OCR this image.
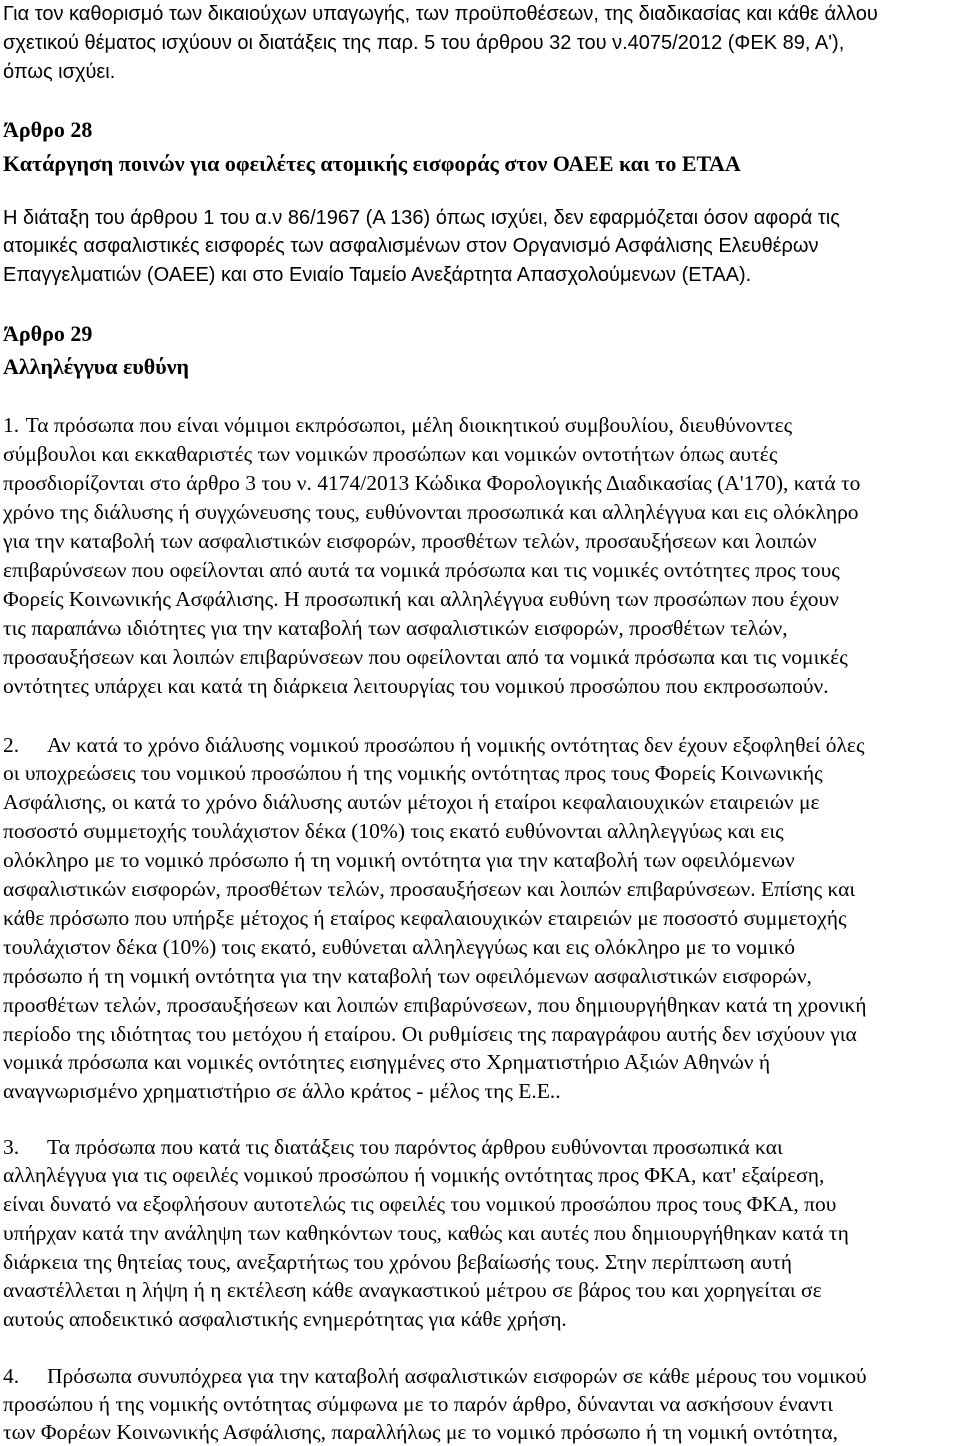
Για τον καθορισμό των δικαιούχων υπαγωγής, των προϋποθέσεων, της διαδικασίας και κάθε άλλου
σχετικού θέματος ισχύουν οι διατάξεις της παρ. 5 του άρθρου 32 του ν.4075/2012 (ΦΕΚ 89, Α'),
όπως ισχύει.
Άρθρο 28
Κατάργηση ποινών για οφειλέτες ατομικής εισφοράς στον ΟΑΕΕ και το ΕΤΑΑ
Η διάταξη του άρθρου 1 του α.ν 86/1967 (Α 136) όπως ισχύει, δεν εφαρμόζεται όσον αφορά τις
ατομικές ασφαλιστικές εισφορές των ασφαλισμένων στον Οργανισμό Ασφάλισης Ελευθέρων
Επαγγελματιών (ΟΑΕΕ) και στο Ενιαίο Ταμείο Ανεξάρτητα Απασχολούμενων (ΕΤΑΑ).
Άρθρο 29
Αλληλέγγυα ευθύνη
1. Τα πρόσωπα που είναι νόμιμοι εκπρόσωποι, μέλη διοικητικού συμβουλίου, διευθύνοντες
σύμβουλοι και εκκαθαριστές των νομικών προσώπων και νομικών οντοτήτων όπως αυτές
προσδιορίζονται στο άρθρο 3 του ν. 4174/2013 Κώδικα Φορολογικής Διαδικασίας (Α'170), κατά το
χρόνο της διάλυσης ή συγχώνευσης τους, ευθύνονται προσωπικά και αλληλέγγυα και εις ολόκληρο
για την καταβολή των ασφαλιστικών εισφορών, προσθέτων τελών, προσαυξήσεων και λοιπών
επιβαρύνσεων που οφείλονται από αυτά τα νομικά πρόσωπα και τις νομικές οντότητες προς τους
Φορείς Κοινωνικής Ασφάλισης. Η προσωπική και αλληλέγγυα ευθύνη των προσώπων που έχουν
τις παραπάνω ιδιότητες για την καταβολή των ασφαλιστικών εισφορών, προσθέτων τελών,
προσαυξήσεων και λοιπών επιβαρύνσεων που οφείλονται από τα νομικά πρόσωπα και τις νομικές
οντότητες υπάρχει και κατά τη διάρκεια λειτουργίας του νομικού προσώπου που εκπροσωπούν.
2. Αν κατά το χρόνο διάλυσης νομικού προσώπου ή νομικής οντότητας δεν έχουν εξοφληθεί όλες
οι υποχρεώσεις του νομικού προσώπου ή της νομικής οντότητας προς τους Φορείς Κοινωνικής
Ασφάλισης, οι κατά το χρόνο διάλυσης αυτών μέτοχοι ή εταίροι κεφαλαιουχικών εταιρειών με
ποσοστό συμμετοχής τουλάχιστον δέκα (10%) τοις εκατό ευθύνονται αλληλεγγύως και εις
ολόκληρο με το νομικό πρόσωπο ή τη νομική οντότητα για την καταβολή των οφειλόμενων
ασφαλιστικών εισφορών, προσθέτων τελών, προσαυξήσεων και λοιπών επιβαρύνσεων. Επίσης και
κάθε πρόσωπο που υπήρξε μέτοχος ή εταίρος κεφαλαιουχικών εταιρειών με ποσοστό συμμετοχής
τουλάχιστον δέκα (10%) τοις εκατό, ευθύνεται αλληλεγγύως και εις ολόκληρο με το νομικό
πρόσωπο ή τη νομική οντότητα για την καταβολή των οφειλόμενων ασφαλιστικών εισφορών,
προσθέτων τελών, προσαυξήσεων και λοιπών επιβαρύνσεων, που δημιουργήθηκαν κατά τη χρονική
περίοδο της ιδιότητας του μετόχου ή εταίρου. Οι ρυθμίσεις της παραγράφου αυτής δεν ισχύουν για
νομικά πρόσωπα και νομικές οντότητες εισηγμένες στο Χρηματιστήριο Αξιών Αθηνών ή
αναγνωρισμένο χρηματιστήριο σε άλλο κράτος - μέλος της Ε.Ε..
3. Τα πρόσωπα που κατά τις διατάξεις του παρόντος άρθρου ευθύνονται προσωπικά και
αλληλέγγυα για τις οφειλές νομικού προσώπου ή νομικής οντότητας προς ΦΚΑ, κατ' εξαίρεση,
είναι δυνατό να εξοφλήσουν αυτοτελώς τις οφειλές του νομικού προσώπου προς τους ΦΚΑ, που
υπήρχαν κατά την ανάληψη των καθηκόντων τους, καθώς και αυτές που δημιουργήθηκαν κατά τη
διάρκεια της θητείας τους, ανεξαρτήτως του χρόνου βεβαίωσής τους. Στην περίπτωση αυτή
αναστέλλεται η λήψη ή η εκτέλεση κάθε αναγκαστικού μέτρου σε βάρος του και χορηγείται σε
αυτούς αποδεικτικό ασφαλιστικής ενημερότητας για κάθε χρήση.
4. Πρόσωπα συνυπόχρεα για την καταβολή ασφαλιστικών εισφορών σε κάθε μέρους του νομικού
προσώπου ή της νομικής οντότητας σύμφωνα με το παρόν άρθρο, δύνανται να ασκήσουν έναντι
των Φορέων Κοινωνικής Ασφάλισης, παραλλήλως με το νομικό πρόσωπο ή τη νομική οντότητα,
